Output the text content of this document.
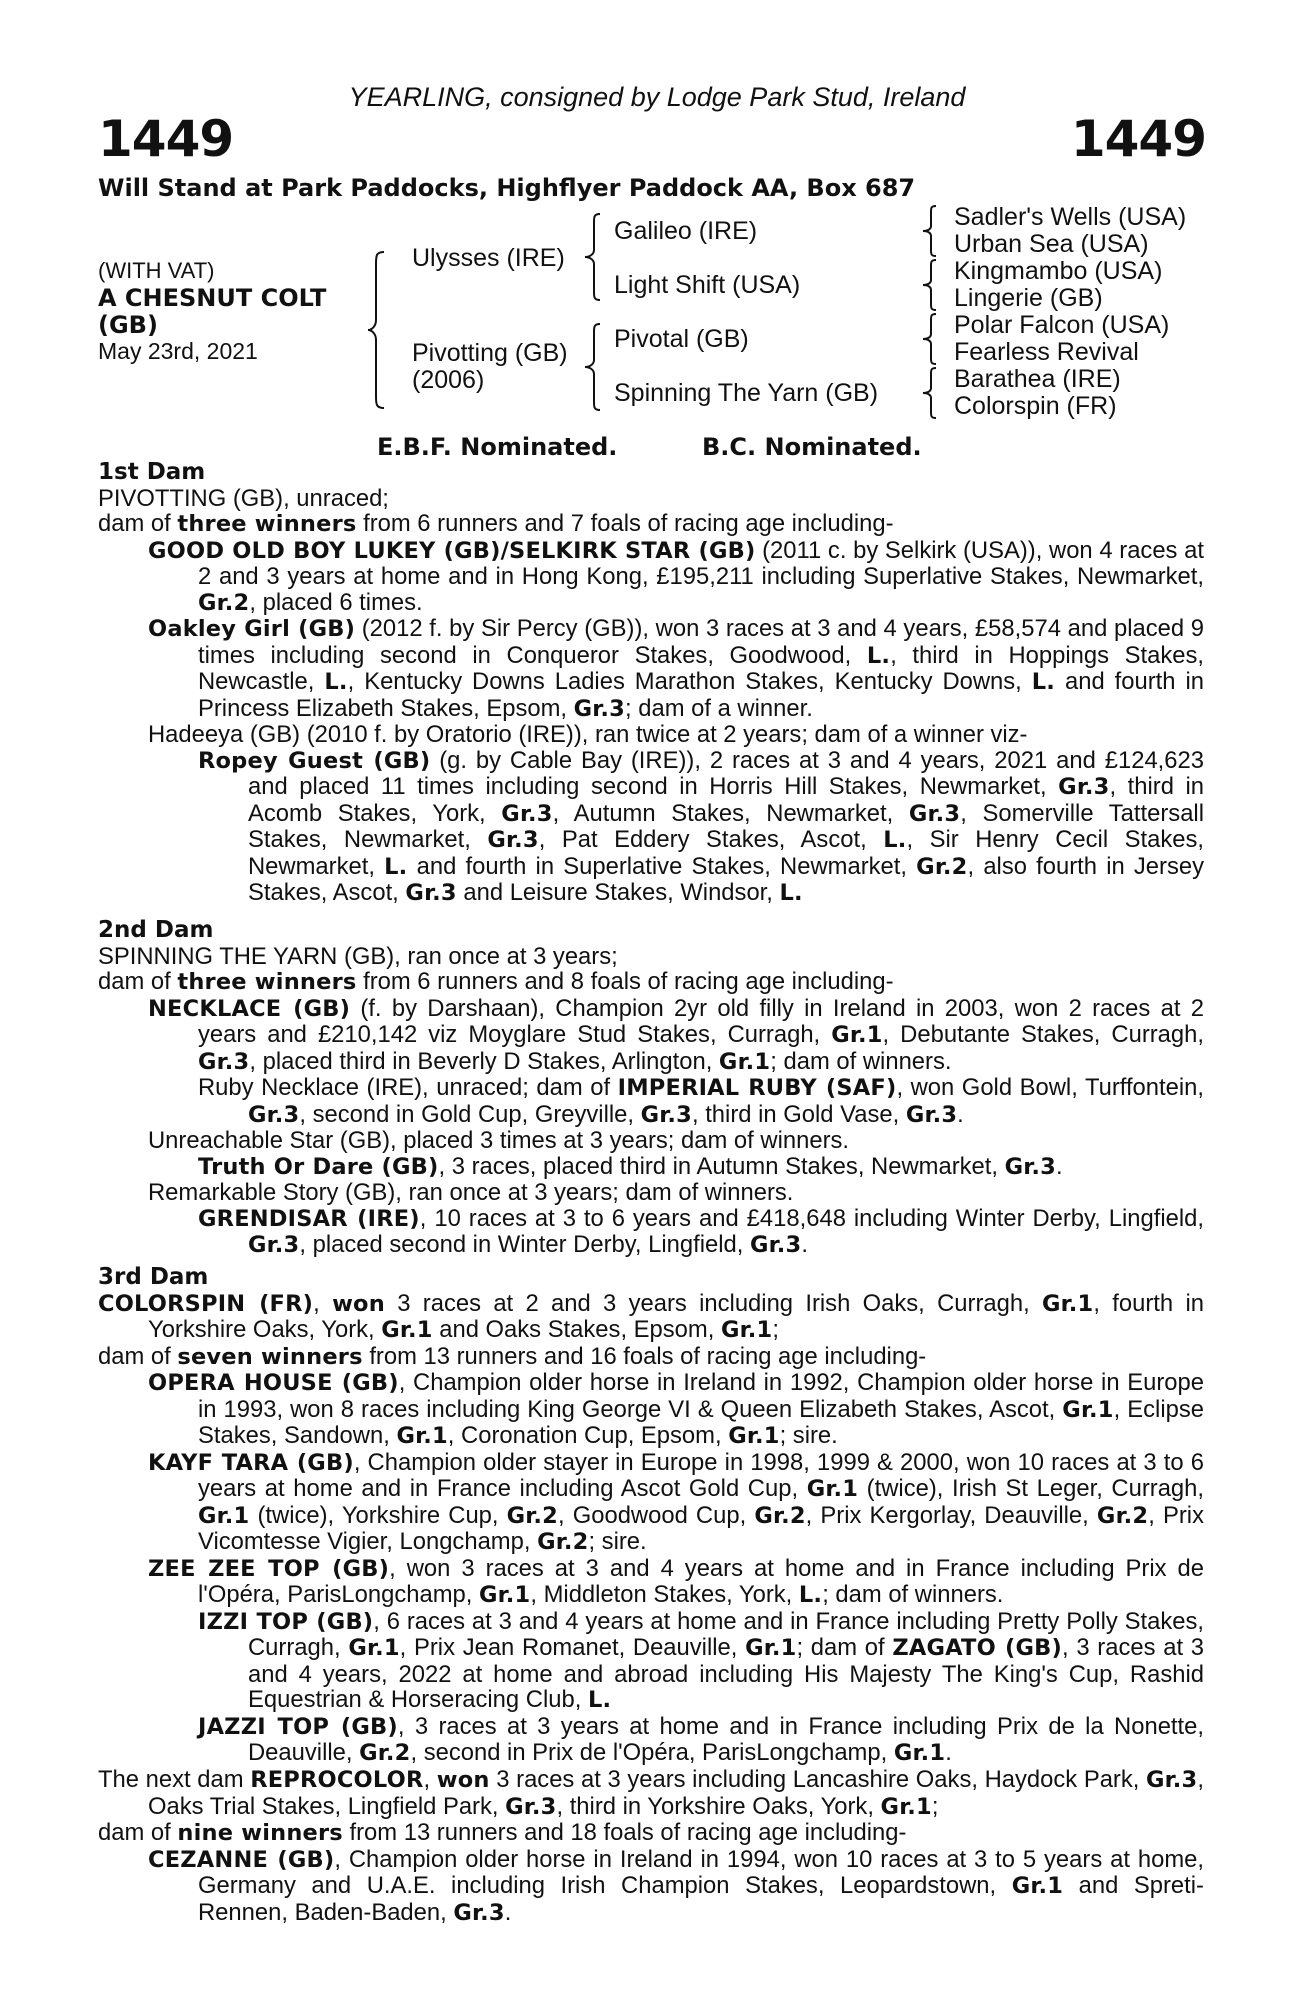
YEARLING, consigned by Lodge Park Stud, Ireland
1449	1449
Will Stand at Park Paddocks, Highflyer Paddock AA, Box 687
(WITH VAT)
A CHESNUT COLT
(GB)
May 23rd, 2021
Ulysses (IRE)
Pivotting (GB)
(2006)
Galileo (IRE)
Light Shift (USA)
Pivotal (GB)
Spinning The Yarn (GB)
Sadler's Wells (USA)
Urban Sea (USA)
Kingmambo (USA)
Lingerie (GB)
Polar Falcon (USA)
Fearless Revival
Barathea (IRE)
Colorspin (FR)
E.B.F. Nominated.	B.C. Nominated.

1st Dam

PIVOTTING (GB), unraced;

dam of three winners from 6 runners and 7 foals of racing age including-

GOOD OLD BOY LUKEY (GB)/SELKIRK STAR (GB) (2011 c. by Selkirk (USA)), won 4 races at 2 and 3 years at home and in Hong Kong, £195,211 including Superlative Stakes, Newmarket, Gr.2, placed 6 times.

Oakley Girl (GB) (2012 f. by Sir Percy (GB)), won 3 races at 3 and 4 years, £58,574 and placed 9 times including second in Conqueror Stakes, Goodwood, L., third in Hoppings Stakes, Newcastle, L., Kentucky Downs Ladies Marathon Stakes, Kentucky Downs, L. and fourth in Princess Elizabeth Stakes, Epsom, Gr.3; dam of a winner.

Hadeeya (GB) (2010 f. by Oratorio (IRE)), ran twice at 2 years; dam of a winner viz-

Ropey Guest (GB) (g. by Cable Bay (IRE)), 2 races at 3 and 4 years, 2021 and £124,623 and placed 11 times including second in Horris Hill Stakes, Newmarket, Gr.3, third in Acomb Stakes, York, Gr.3, Autumn Stakes, Newmarket, Gr.3, Somerville Tattersall Stakes, Newmarket, Gr.3, Pat Eddery Stakes, Ascot, L., Sir Henry Cecil Stakes, Newmarket, L. and fourth in Superlative Stakes, Newmarket, Gr.2, also fourth in Jersey Stakes, Ascot, Gr.3 and Leisure Stakes, Windsor, L.

2nd Dam

SPINNING THE YARN (GB), ran once at 3 years;

dam of three winners from 6 runners and 8 foals of racing age including-

NECKLACE (GB) (f. by Darshaan), Champion 2yr old filly in Ireland in 2003, won 2 races at 2 years and £210,142 viz Moyglare Stud Stakes, Curragh, Gr.1, Debutante Stakes, Curragh, Gr.3, placed third in Beverly D Stakes, Arlington, Gr.1; dam of winners.

Ruby Necklace (IRE), unraced; dam of IMPERIAL RUBY (SAF), won Gold Bowl, Turffontein, Gr.3, second in Gold Cup, Greyville, Gr.3, third in Gold Vase, Gr.3.

Unreachable Star (GB), placed 3 times at 3 years; dam of winners.

Truth Or Dare (GB), 3 races, placed third in Autumn Stakes, Newmarket, Gr.3.

Remarkable Story (GB), ran once at 3 years; dam of winners.

GRENDISAR (IRE), 10 races at 3 to 6 years and £418,648 including Winter Derby, Lingfield, Gr.3, placed second in Winter Derby, Lingfield, Gr.3.

3rd Dam

COLORSPIN (FR), won 3 races at 2 and 3 years including Irish Oaks, Curragh, Gr.1, fourth in Yorkshire Oaks, York, Gr.1 and Oaks Stakes, Epsom, Gr.1;

dam of seven winners from 13 runners and 16 foals of racing age including-

OPERA HOUSE (GB), Champion older horse in Ireland in 1992, Champion older horse in Europe in 1993, won 8 races including King George VI & Queen Elizabeth Stakes, Ascot, Gr.1, Eclipse Stakes, Sandown, Gr.1, Coronation Cup, Epsom, Gr.1; sire.

KAYF TARA (GB), Champion older stayer in Europe in 1998, 1999 & 2000, won 10 races at 3 to 6 years at home and in France including Ascot Gold Cup, Gr.1 (twice), Irish St Leger, Curragh, Gr.1 (twice), Yorkshire Cup, Gr.2, Goodwood Cup, Gr.2, Prix Kergorlay, Deauville, Gr.2, Prix Vicomtesse Vigier, Longchamp, Gr.2; sire.

ZEE ZEE TOP (GB), won 3 races at 3 and 4 years at home and in France including Prix de l'Opéra, ParisLongchamp, Gr.1, Middleton Stakes, York, L.; dam of winners.

IZZI TOP (GB), 6 races at 3 and 4 years at home and in France including Pretty Polly Stakes, Curragh, Gr.1, Prix Jean Romanet, Deauville, Gr.1; dam of ZAGATO (GB), 3 races at 3 and 4 years, 2022 at home and abroad including His Majesty The King's Cup, Rashid Equestrian & Horseracing Club, L.

JAZZI TOP (GB), 3 races at 3 years at home and in France including Prix de la Nonette, Deauville, Gr.2, second in Prix de l'Opéra, ParisLongchamp, Gr.1.

The next dam REPROCOLOR, won 3 races at 3 years including Lancashire Oaks, Haydock Park, Gr.3, Oaks Trial Stakes, Lingfield Park, Gr.3, third in Yorkshire Oaks, York, Gr.1;

dam of nine winners from 13 runners and 18 foals of racing age including-

CEZANNE (GB), Champion older horse in Ireland in 1994, won 10 races at 3 to 5 years at home, Germany and U.A.E. including Irish Champion Stakes, Leopardstown, Gr.1 and Spreti-Rennen, Baden-Baden, Gr.3.
